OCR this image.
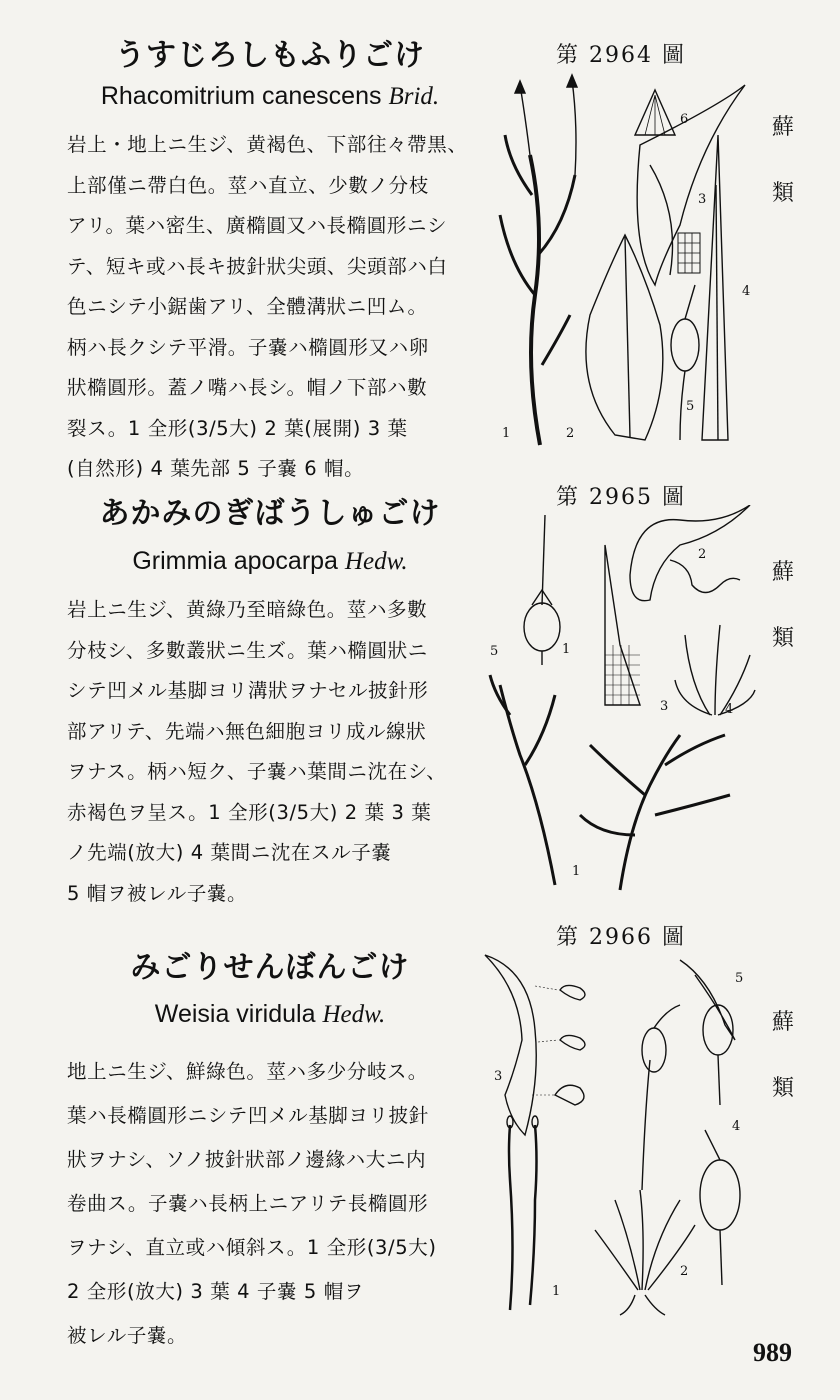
うすじろしもふりごけ
Rhacomitrium canescens Brid.
岩上・地上ニ生ジ、黄褐色、下部往々帶黒、
上部僅ニ帶白色。莖ハ直立、少數ノ分枝
アリ。葉ハ密生、廣橢圓又ハ長橢圓形ニシ
テ、短キ或ハ長キ披針狀尖頭、尖頭部ハ白
色ニシテ小鋸歯アリ、全體溝狀ニ凹ム。
柄ハ長クシテ平滑。子嚢ハ橢圓形又ハ卵
狀橢圓形。蓋ノ嘴ハ長シ。帽ノ下部ハ數
裂ス。1 全形(3/5大) 2 葉(展開) 3 葉
(自然形) 4 葉先部 5 子嚢 6 帽。
第 2964 圖
蘚
類
1	2
3
4
5
6
あかみのぎばうしゅごけ
Grimmia apocarpa Hedw.
岩上ニ生ジ、黄綠乃至暗綠色。莖ハ多數
分枝シ、多數叢狀ニ生ズ。葉ハ橢圓狀ニ
シテ凹メル基脚ヨリ溝狀ヲナセル披針形
部アリテ、先端ハ無色細胞ヨリ成ル線狀
ヲナス。柄ハ短ク、子嚢ハ葉間ニ沈在シ、
赤褐色ヲ呈ス。1 全形(3/5大) 2 葉 3 葉
ノ先端(放大) 4 葉間ニ沈在スル子嚢
5 帽ヲ被レル子嚢。
第 2965 圖
蘚
類
1
1
2
3	4
5
みごりせんぼんごけ
Weisia viridula Hedw.
地上ニ生ジ、鮮綠色。莖ハ多少分岐ス。
葉ハ長橢圓形ニシテ凹メル基脚ヨリ披針
狀ヲナシ、ソノ披針狀部ノ邊緣ハ大ニ内
卷曲ス。子嚢ハ長柄上ニアリテ長橢圓形
ヲナシ、直立或ハ傾斜ス。1 全形(3/5大)
2 全形(放大) 3 葉 4 子嚢 5 帽ヲ
被レル子嚢。
第 2966 圖
蘚
類
3
1
2
4
5
989
